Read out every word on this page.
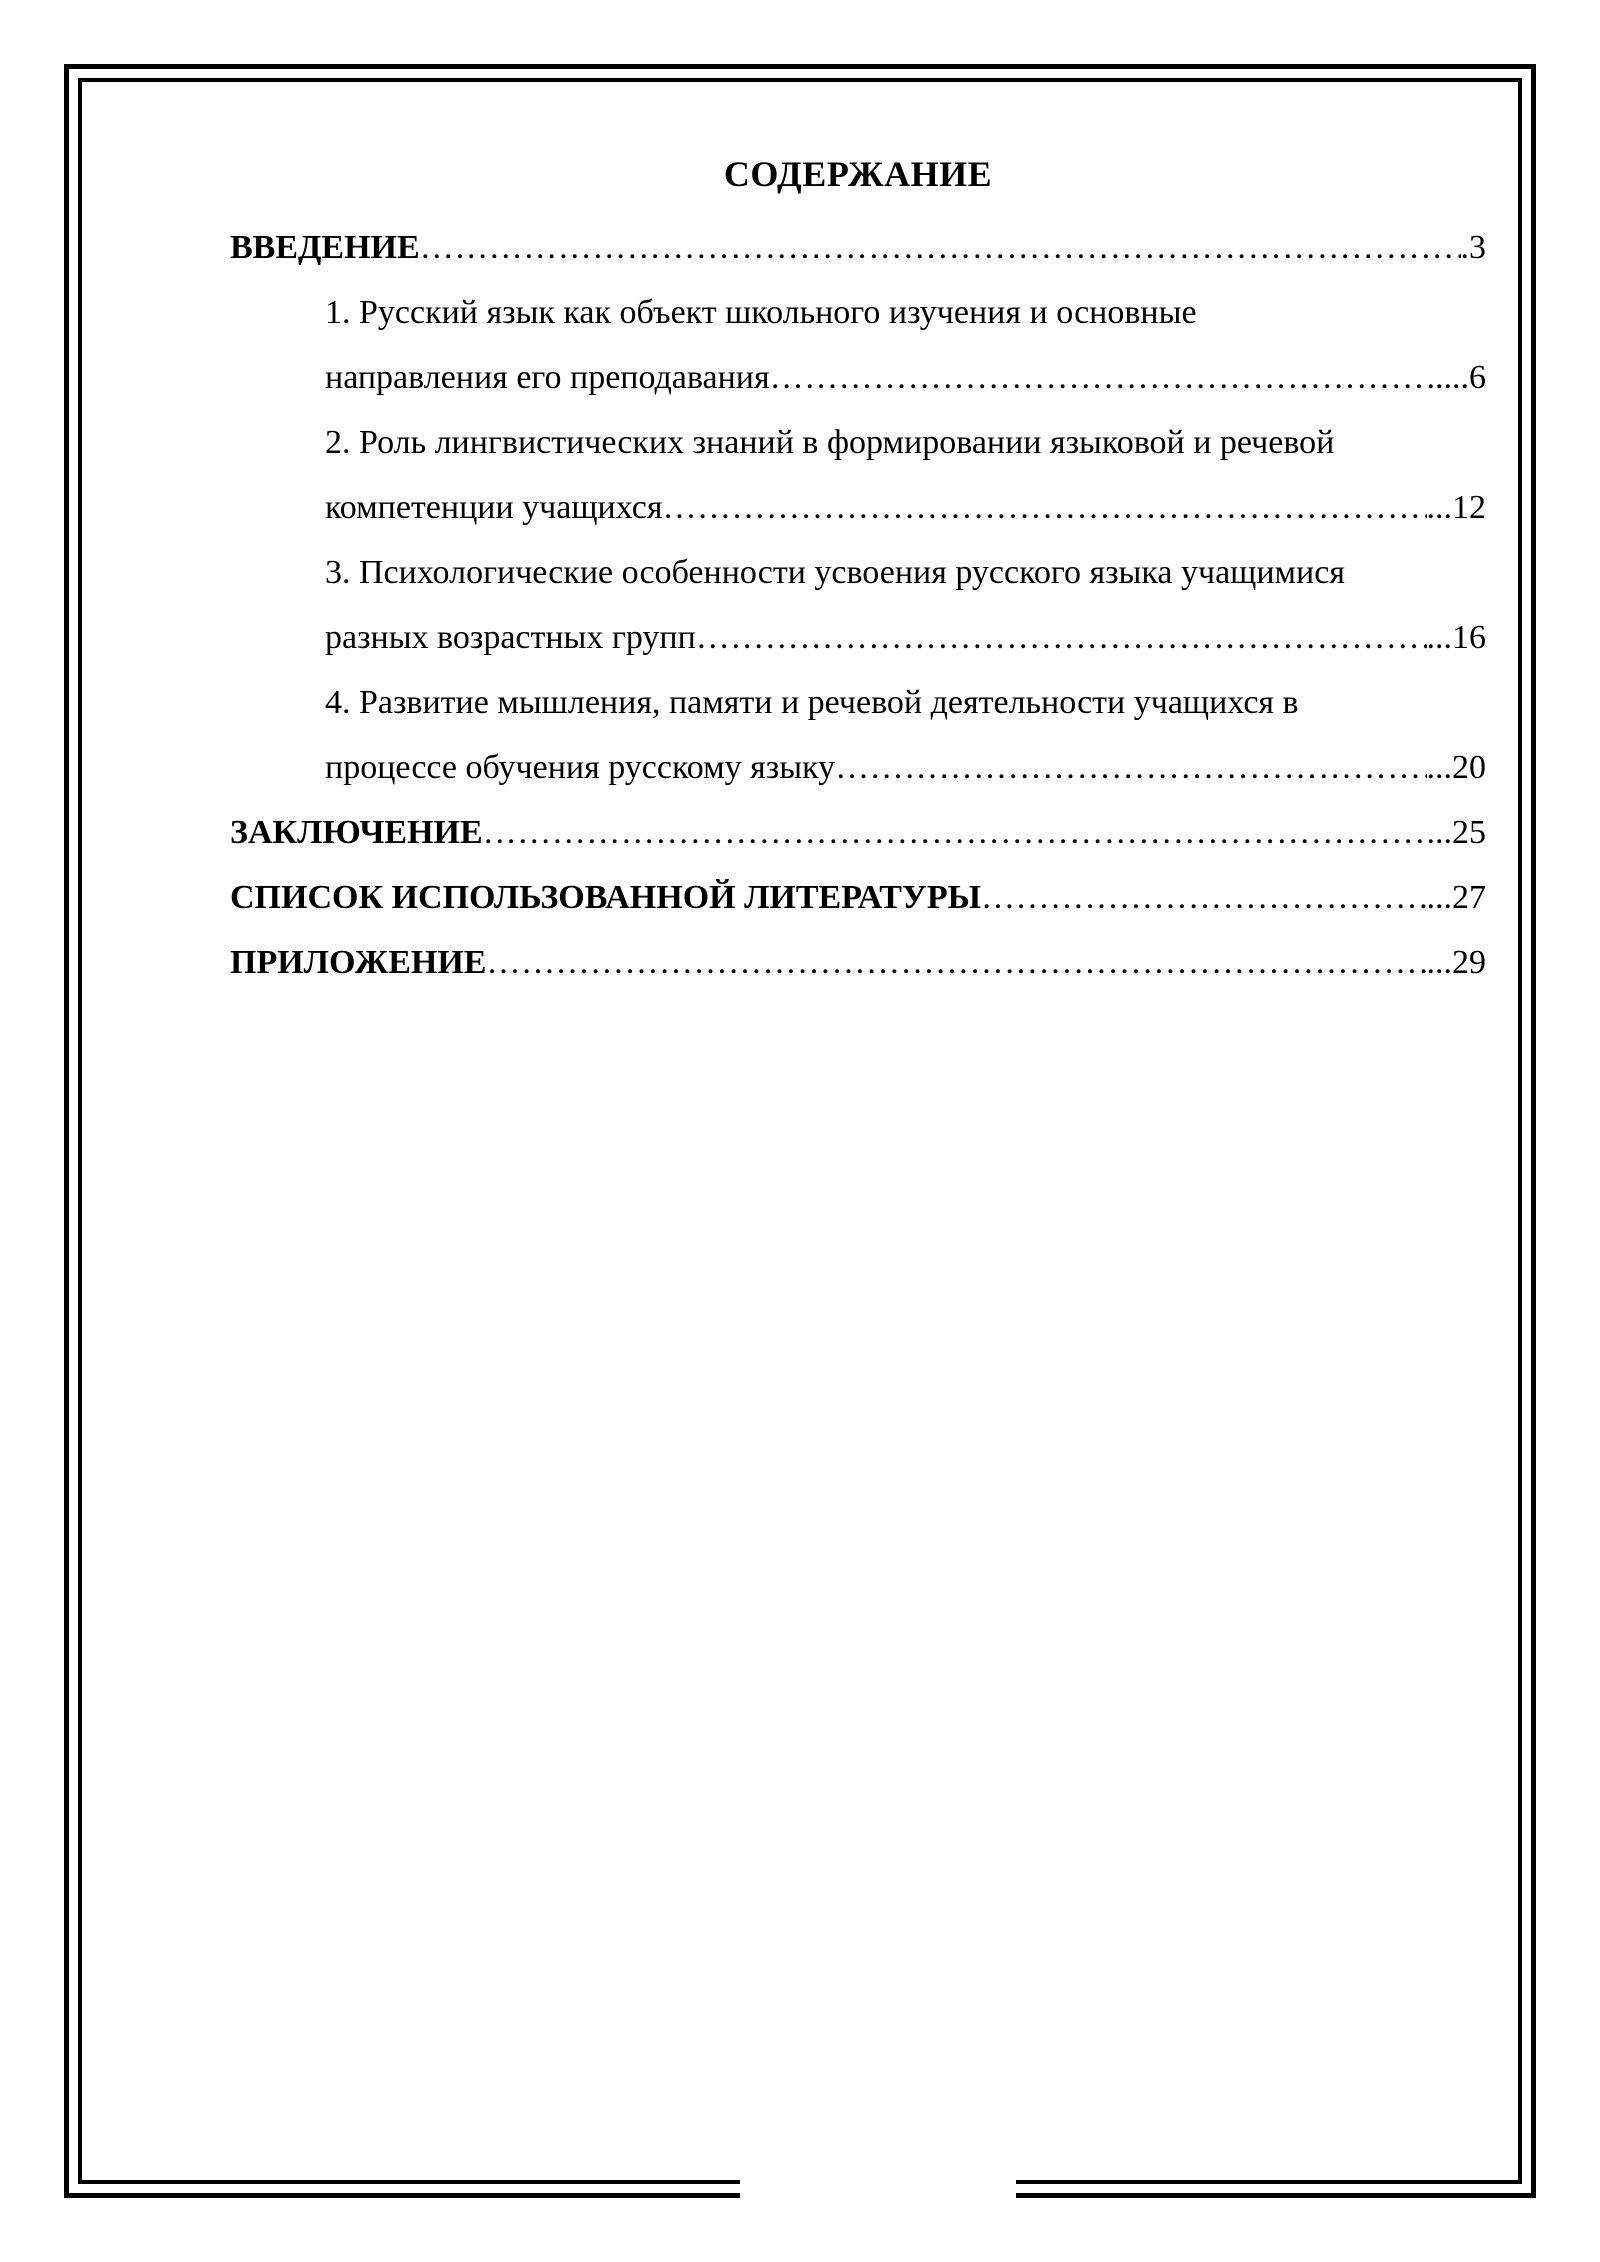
СОДЕРЖАНИЕ
ВВЕДЕНИЕ ………………………………………………………………………………………………………………………………………………………………………	.3
1. Русский язык как объект школьного изучения и основные
направления его преподавания ………………………………………………………………………………………………………………………………………………………………………	....6
2. Роль лингвистических знаний в формировании языковой и речевой
компетенции учащихся ………………………………………………………………………………………………………………………………………………………………………	...12
3. Психологические особенности усвоения русского языка учащимися
разных возрастных групп ………………………………………………………………………………………………………………………………………………………………………	...16
4. Развитие мышления, памяти и речевой деятельности учащихся в
процессе обучения русскому языку ………………………………………………………………………………………………………………………………………………………………………	...20
ЗАКЛЮЧЕНИЕ ………………………………………………………………………………………………………………………………………………………………………	...25
СПИСОК ИСПОЛЬЗОВАННОЙ ЛИТЕРАТУРЫ ………………………………………………………………………………………………………………………………………………………………………	...27
ПРИЛОЖЕНИЕ ………………………………………………………………………………………………………………………………………………………………………	...29
